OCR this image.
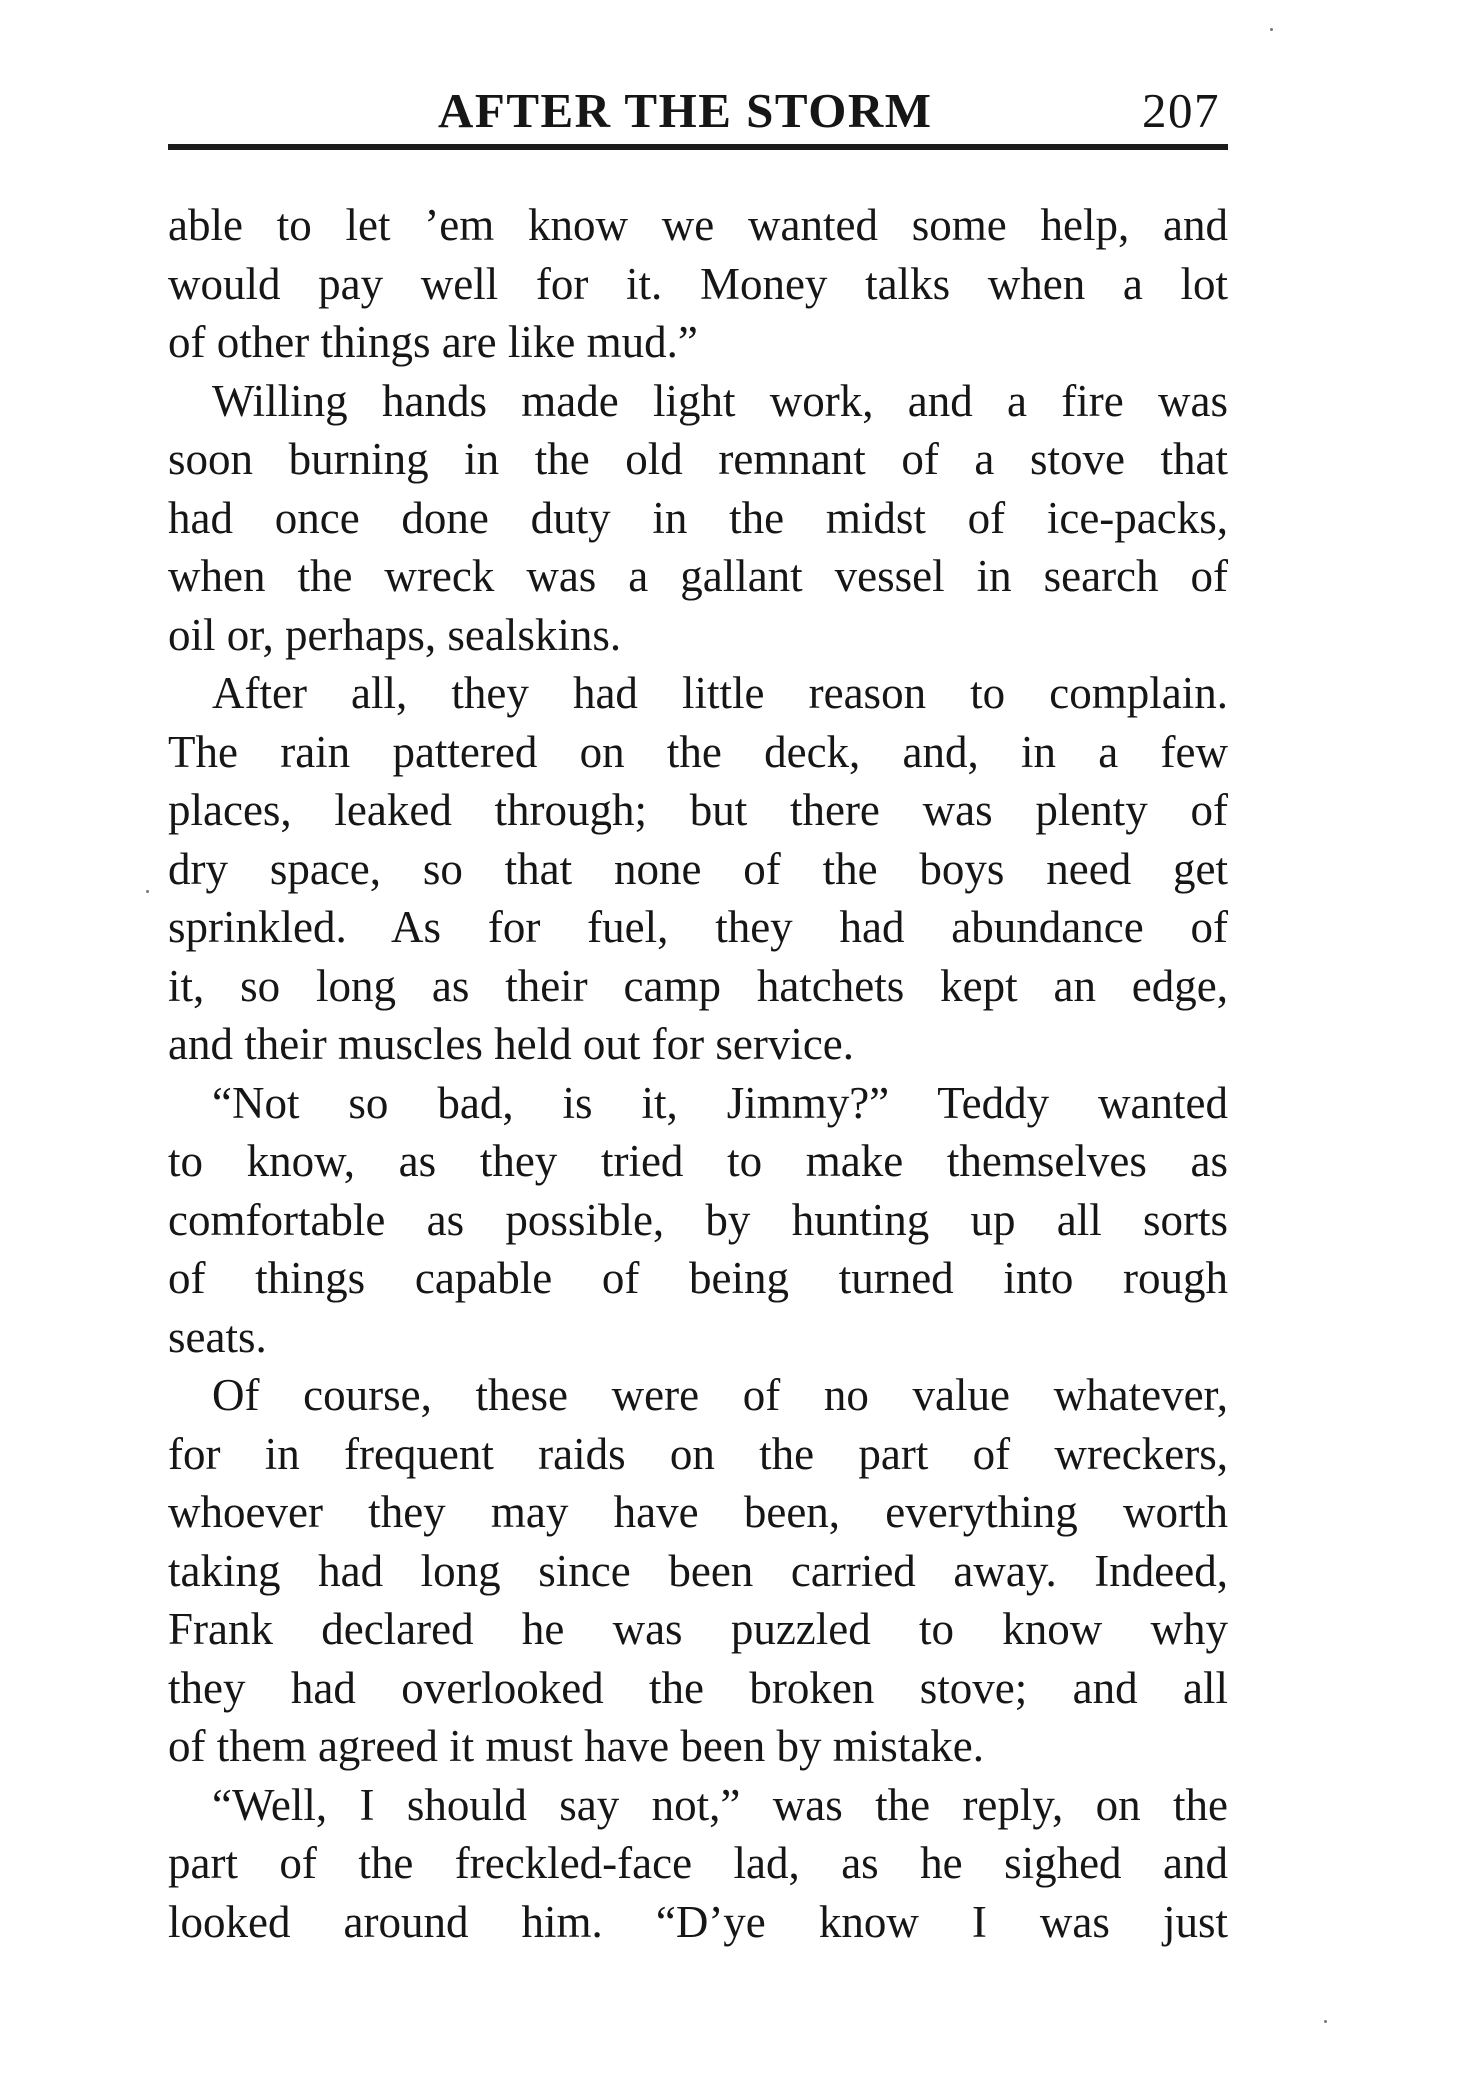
AFTER THE STORM	207
able to let ’em know we wanted some help, and
would pay well for it. Money talks when a lot
of other things are like mud.”
Willing hands made light work, and a fire was
soon burning in the old remnant of a stove that
had once done duty in the midst of ice-packs,
when the wreck was a gallant vessel in search of
oil or, perhaps, sealskins.
After all, they had little reason to complain.
The rain pattered on the deck, and, in a few
places, leaked through; but there was plenty of
dry space, so that none of the boys need get
sprinkled. As for fuel, they had abundance of
it, so long as their camp hatchets kept an edge,
and their muscles held out for service.
“Not so bad, is it, Jimmy?” Teddy wanted
to know, as they tried to make themselves as
comfortable as possible, by hunting up all sorts
of things capable of being turned into rough
seats.
Of course, these were of no value whatever,
for in frequent raids on the part of wreckers,
whoever they may have been, everything worth
taking had long since been carried away. Indeed,
Frank declared he was puzzled to know why
they had overlooked the broken stove; and all
of them agreed it must have been by mistake.
“Well, I should say not,” was the reply, on the
part of the freckled-face lad, as he sighed and
looked around him. “D’ye know I was just
